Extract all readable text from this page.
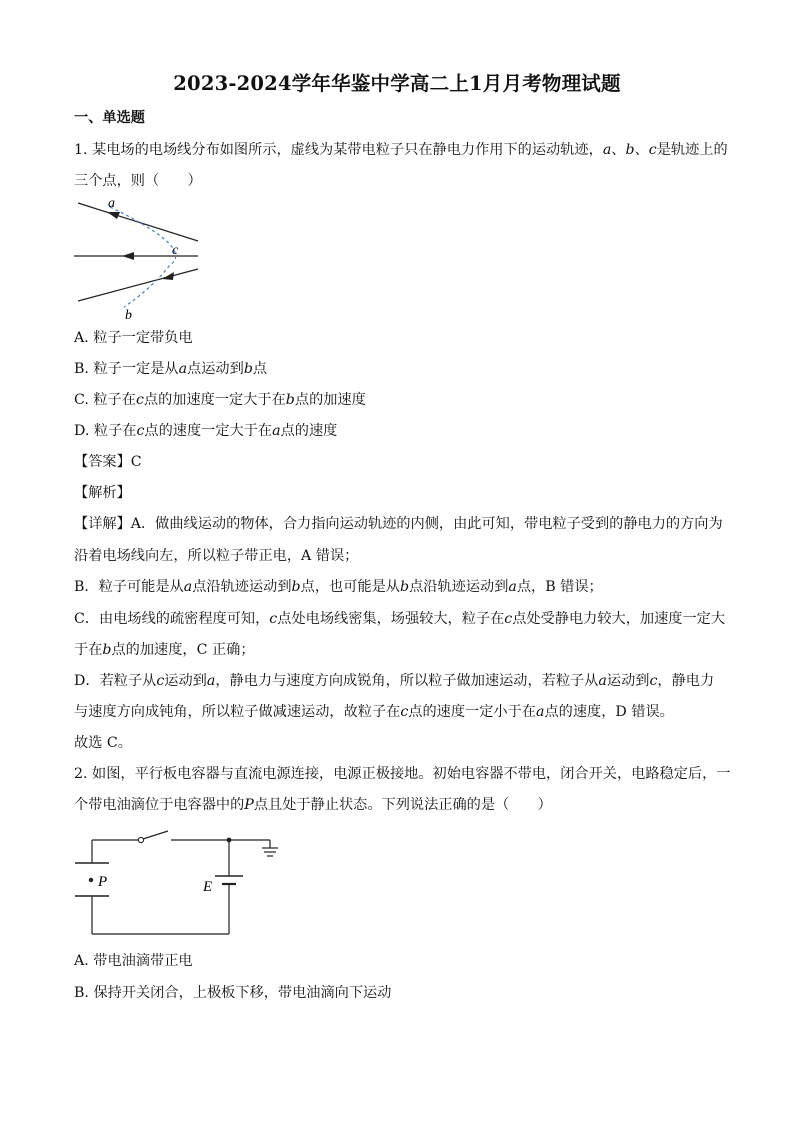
2023-2024学年华鉴中学高二上1月月考物理试题
一、单选题
1. 某电场的电场线分布如图所示，虚线为某带电粒子只在静电力作用下的运动轨迹，a、b、c是轨迹上的
三个点，则（　　）
a
c
b
A. 粒子一定带负电
B. 粒子一定是从a点运动到b点
C. 粒子在c点的加速度一定大于在b点的加速度
D. 粒子在c点的速度一定大于在a点的速度
【答案】C
【解析】
【详解】A．做曲线运动的物体，合力指向运动轨迹的内侧，由此可知，带电粒子受到的静电力的方向为
沿着电场线向左，所以粒子带正电，A 错误；
B．粒子可能是从a点沿轨迹运动到b点，也可能是从b点沿轨迹运动到a点，B 错误；
C．由电场线的疏密程度可知，c点处电场线密集，场强较大，粒子在c点处受静电力较大，加速度一定大
于在b点的加速度，C 正确；
D．若粒子从c运动到a，静电力与速度方向成锐角，所以粒子做加速运动，若粒子从a运动到c，静电力
与速度方向成钝角，所以粒子做减速运动，故粒子在c点的速度一定小于在a点的速度，D 错误。
故选 C。
2. 如图，平行板电容器与直流电源连接，电源正极接地。初始电容器不带电，闭合开关，电路稳定后，一
个带电油滴位于电容器中的P点且处于静止状态。下列说法正确的是（　　）
P	E
A. 带电油滴带正电
B. 保持开关闭合，上极板下移，带电油滴向下运动
